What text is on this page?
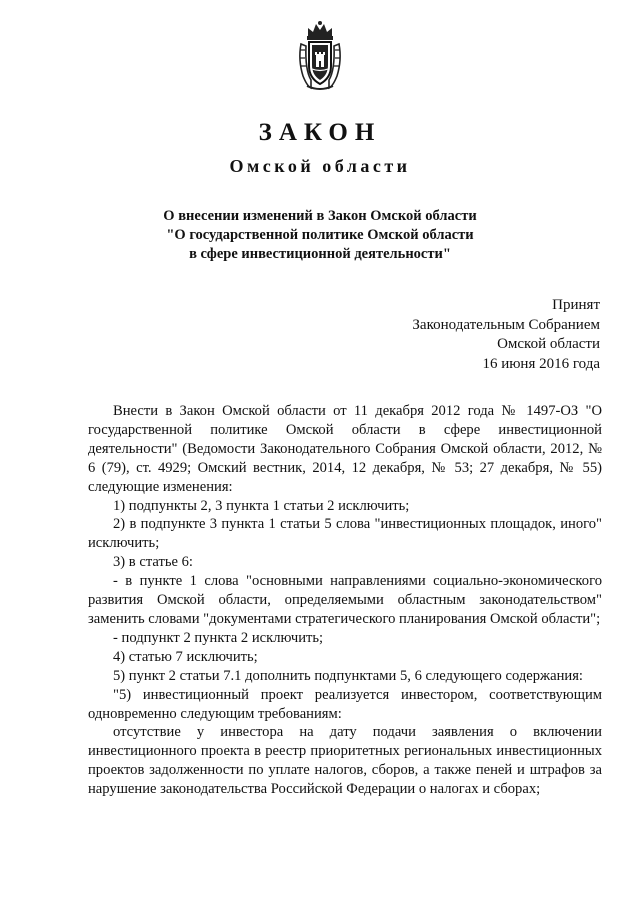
ЗАКОН
Омской области
О внесении изменений в Закон Омской области
"О государственной политике Омской области
в сфере инвестиционной деятельности"
Принят
Законодательным Собранием
Омской области
16 июня 2016 года

Внести в Закон Омской области от 11 декабря 2012 года № 1497-ОЗ "О государственной политике Омской области в сфере инвестиционной деятельности" (Ведомости Законодательного Собрания Омской области, 2012, № 6 (79), ст. 4929; Омский вестник, 2014, 12 декабря, № 53; 27 декабря, № 55) следующие изменения:

1) подпункты 2, 3 пункта 1 статьи 2 исключить;

2) в подпункте 3 пункта 1 статьи 5 слова "инвестиционных площадок, иного" исключить;

3) в статье 6:

- в пункте 1 слова "основными направлениями социально-экономического развития Омской области, определяемыми областным законодательством" заменить словами "документами стратегического планирования Омской области";

- подпункт 2 пункта 2 исключить;

4) статью 7 исключить;

5) пункт 2 статьи 7.1 дополнить подпунктами 5, 6 следующего содержания:

"5) инвестиционный проект реализуется инвестором, соответствующим одновременно следующим требованиям:

отсутствие у инвестора на дату подачи заявления о включении инвестиционного проекта в реестр приоритетных региональных инвестиционных проектов задолженности по уплате налогов, сборов, а также пеней и штрафов за нарушение законодательства Российской Федерации о налогах и сборах;
